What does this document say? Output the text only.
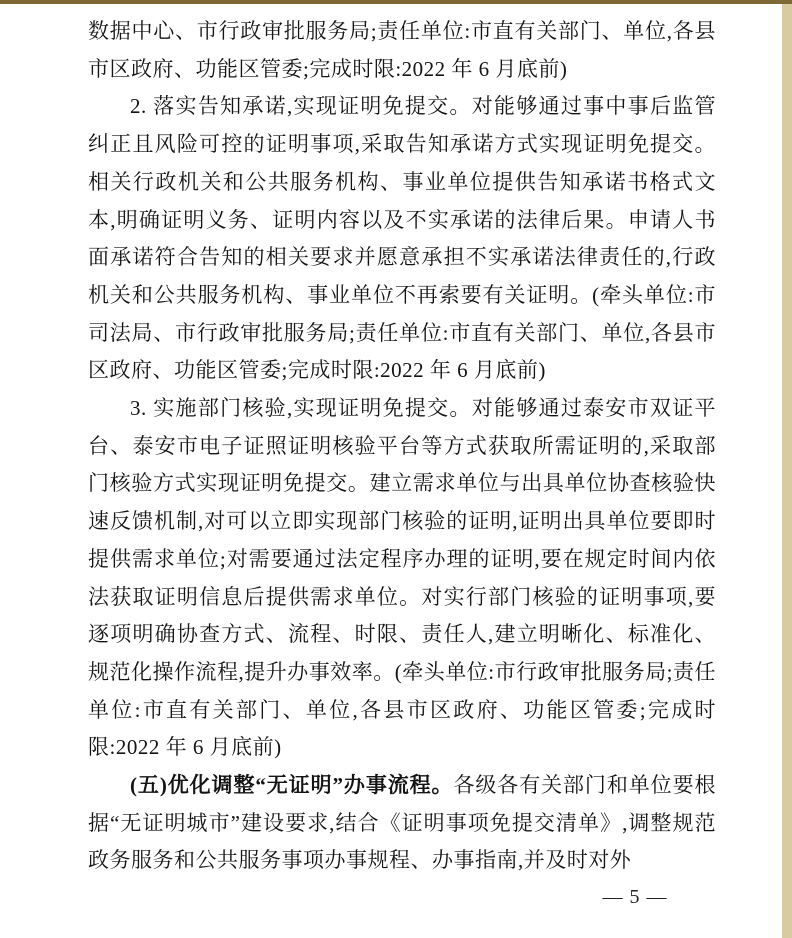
数据中心、市行政审批服务局;责任单位:市直有关部门、单位,各县市区政府、功能区管委;完成时限:2022 年 6 月底前)

2. 落实告知承诺,实现证明免提交。对能够通过事中事后监管纠正且风险可控的证明事项,采取告知承诺方式实现证明免提交。相关行政机关和公共服务机构、事业单位提供告知承诺书格式文本,明确证明义务、证明内容以及不实承诺的法律后果。申请人书面承诺符合告知的相关要求并愿意承担不实承诺法律责任的,行政机关和公共服务机构、事业单位不再索要有关证明。(牵头单位:市司法局、市行政审批服务局;责任单位:市直有关部门、单位,各县市区政府、功能区管委;完成时限:2022 年 6 月底前)

3. 实施部门核验,实现证明免提交。对能够通过泰安市双证平台、泰安市电子证照证明核验平台等方式获取所需证明的,采取部门核验方式实现证明免提交。建立需求单位与出具单位协查核验快速反馈机制,对可以立即实现部门核验的证明,证明出具单位要即时提供需求单位;对需要通过法定程序办理的证明,要在规定时间内依法获取证明信息后提供需求单位。对实行部门核验的证明事项,要逐项明确协查方式、流程、时限、责任人,建立明晰化、标准化、规范化操作流程,提升办事效率。(牵头单位:市行政审批服务局;责任单位:市直有关部门、单位,各县市区政府、功能区管委;完成时限:2022 年 6 月底前)

(五)优化调整“无证明”办事流程。各级各有关部门和单位要根据“无证明城市”建设要求,结合《证明事项免提交清单》,调整规范政务服务和公共服务事项办事规程、办事指南,并及时对外

— 5 —
